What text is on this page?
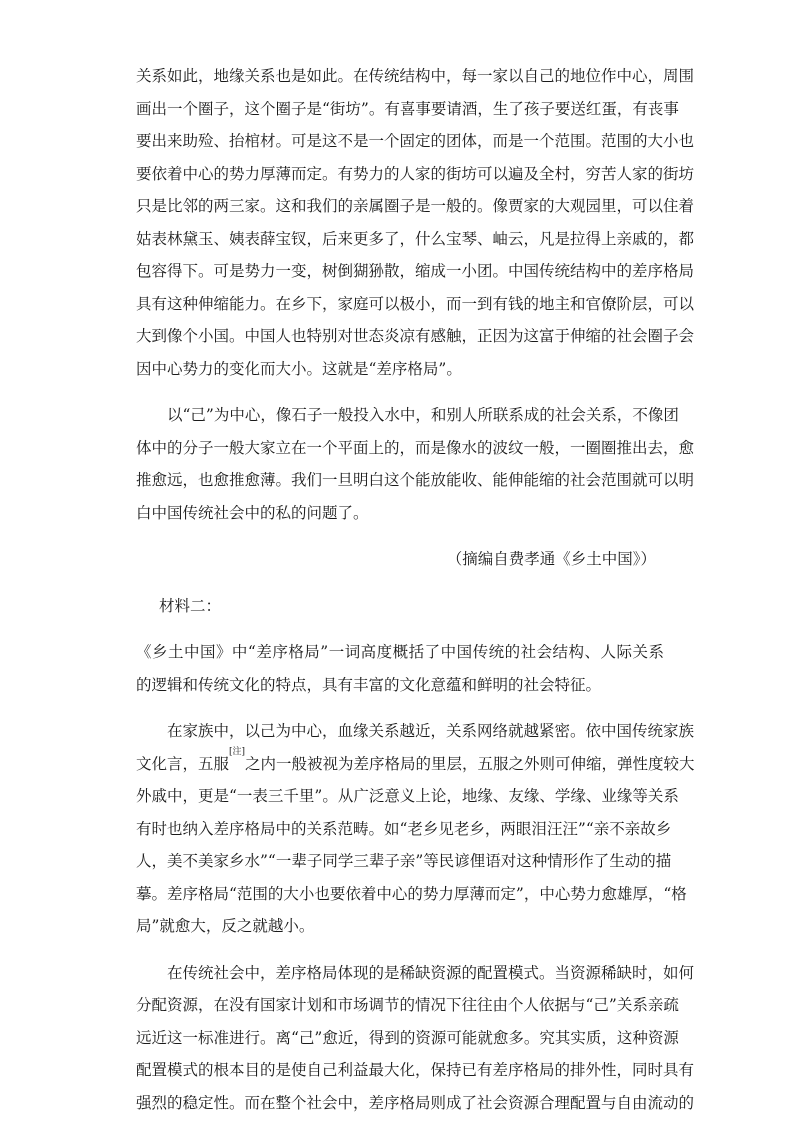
关系如此，地缘关系也是如此。在传统结构中，每一家以自己的地位作中心，周围
画出一个圈子，这个圈子是“街坊”。有喜事要请酒，生了孩子要送红蛋，有丧事
要出来助殓、抬棺材。可是这不是一个固定的团体，而是一个范围。范围的大小也
要依着中心的势力厚薄而定。有势力的人家的街坊可以遍及全村，穷苦人家的街坊
只是比邻的两三家。这和我们的亲属圈子是一般的。像贾家的大观园里，可以住着
姑表林黛玉、姨表薛宝钗，后来更多了，什么宝琴、岫云，凡是拉得上亲戚的，都
包容得下。可是势力一变，树倒猢狲散，缩成一小团。中国传统结构中的差序格局
具有这种伸缩能力。在乡下，家庭可以极小，而一到有钱的地主和官僚阶层，可以
大到像个小国。中国人也特别对世态炎凉有感触，正因为这富于伸缩的社会圈子会
因中心势力的变化而大小。这就是“差序格局”。
以“己”为中心，像石子一般投入水中，和别人所联系成的社会关系，不像团
体中的分子一般大家立在一个平面上的，而是像水的波纹一般，一圈圈推出去，愈
推愈远，也愈推愈薄。我们一旦明白这个能放能收、能伸能缩的社会范围就可以明
白中国传统社会中的私的问题了。

（摘编自费孝通《乡土中国》）

材料二：

《乡土中国》中“差序格局”一词高度概括了中国传统的社会结构、人际关系
的逻辑和传统文化的特点，具有丰富的文化意蕴和鲜明的社会特征。
在家族中，以己为中心，血缘关系越近，关系网络就越紧密。依中国传统家族
文化言，五服[注]之内一般被视为差序格局的里层，五服之外则可伸缩，弹性度较大
外戚中，更是“一表三千里”。从广泛意义上论，地缘、友缘、学缘、业缘等关系
有时也纳入差序格局中的关系范畴。如“老乡见老乡，两眼泪汪汪”“亲不亲故乡
人，美不美家乡水”“一辈子同学三辈子亲”等民谚俚语对这种情形作了生动的描
摹。差序格局“范围的大小也要依着中心的势力厚薄而定”，中心势力愈雄厚，“格
局”就愈大，反之就越小。
在传统社会中，差序格局体现的是稀缺资源的配置模式。当资源稀缺时，如何
分配资源，在没有国家计划和市场调节的情况下往往由个人依据与“己”关系亲疏
远近这一标准进行。离“己”愈近，得到的资源可能就愈多。究其实质，这种资源
配置模式的根本目的是使自己利益最大化，保持已有差序格局的排外性，同时具有
强烈的稳定性。而在整个社会中，差序格局则成了社会资源合理配置与自由流动的
